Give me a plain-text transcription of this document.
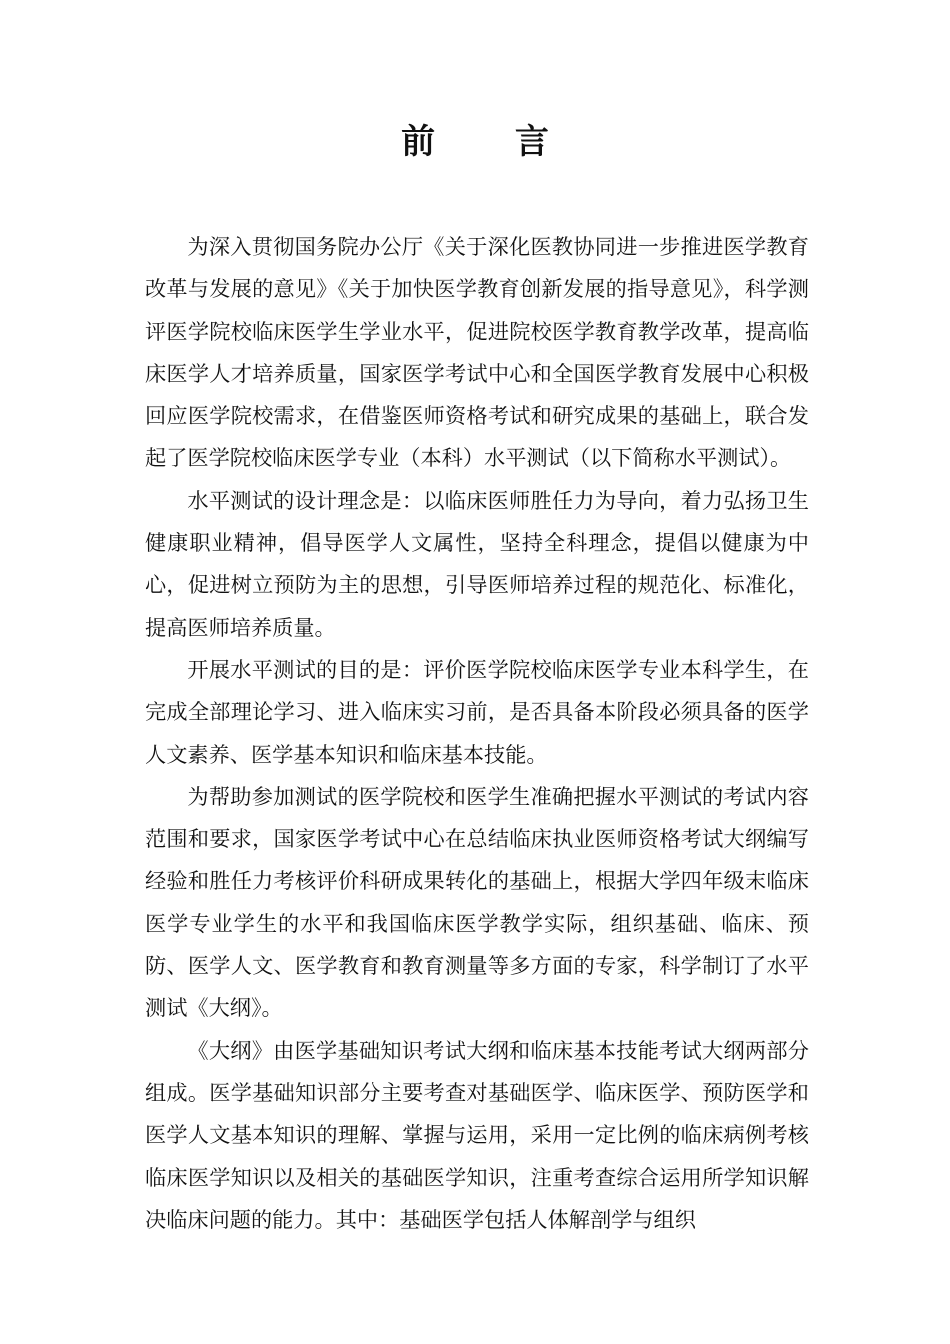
前 言

为深入贯彻国务院办公厅《关于深化医教协同进一步推进医学教育改革与发展的意见》《关于加快医学教育创新发展的指导意见》，科学测评医学院校临床医学生学业水平，促进院校医学教育教学改革，提高临床医学人才培养质量，国家医学考试中心和全国医学教育发展中心积极回应医学院校需求，在借鉴医师资格考试和研究成果的基础上，联合发起了医学院校临床医学专业（本科）水平测试（以下简称水平测试）。

水平测试的设计理念是：以临床医师胜任力为导向，着力弘扬卫生健康职业精神，倡导医学人文属性，坚持全科理念，提倡以健康为中心，促进树立预防为主的思想，引导医师培养过程的规范化、标准化，提高医师培养质量。

开展水平测试的目的是：评价医学院校临床医学专业本科学生，在完成全部理论学习、进入临床实习前，是否具备本阶段必须具备的医学人文素养、医学基本知识和临床基本技能。

为帮助参加测试的医学院校和医学生准确把握水平测试的考试内容范围和要求，国家医学考试中心在总结临床执业医师资格考试大纲编写经验和胜任力考核评价科研成果转化的基础上，根据大学四年级末临床医学专业学生的水平和我国临床医学教学实际，组织基础、临床、预防、医学人文、医学教育和教育测量等多方面的专家，科学制订了水平测试《大纲》。

《大纲》由医学基础知识考试大纲和临床基本技能考试大纲两部分组成。医学基础知识部分主要考查对基础医学、临床医学、预防医学和医学人文基本知识的理解、掌握与运用，采用一定比例的临床病例考核临床医学知识以及相关的基础医学知识，注重考查综合运用所学知识解决临床问题的能力。其中：基础医学包括人体解剖学与组织
